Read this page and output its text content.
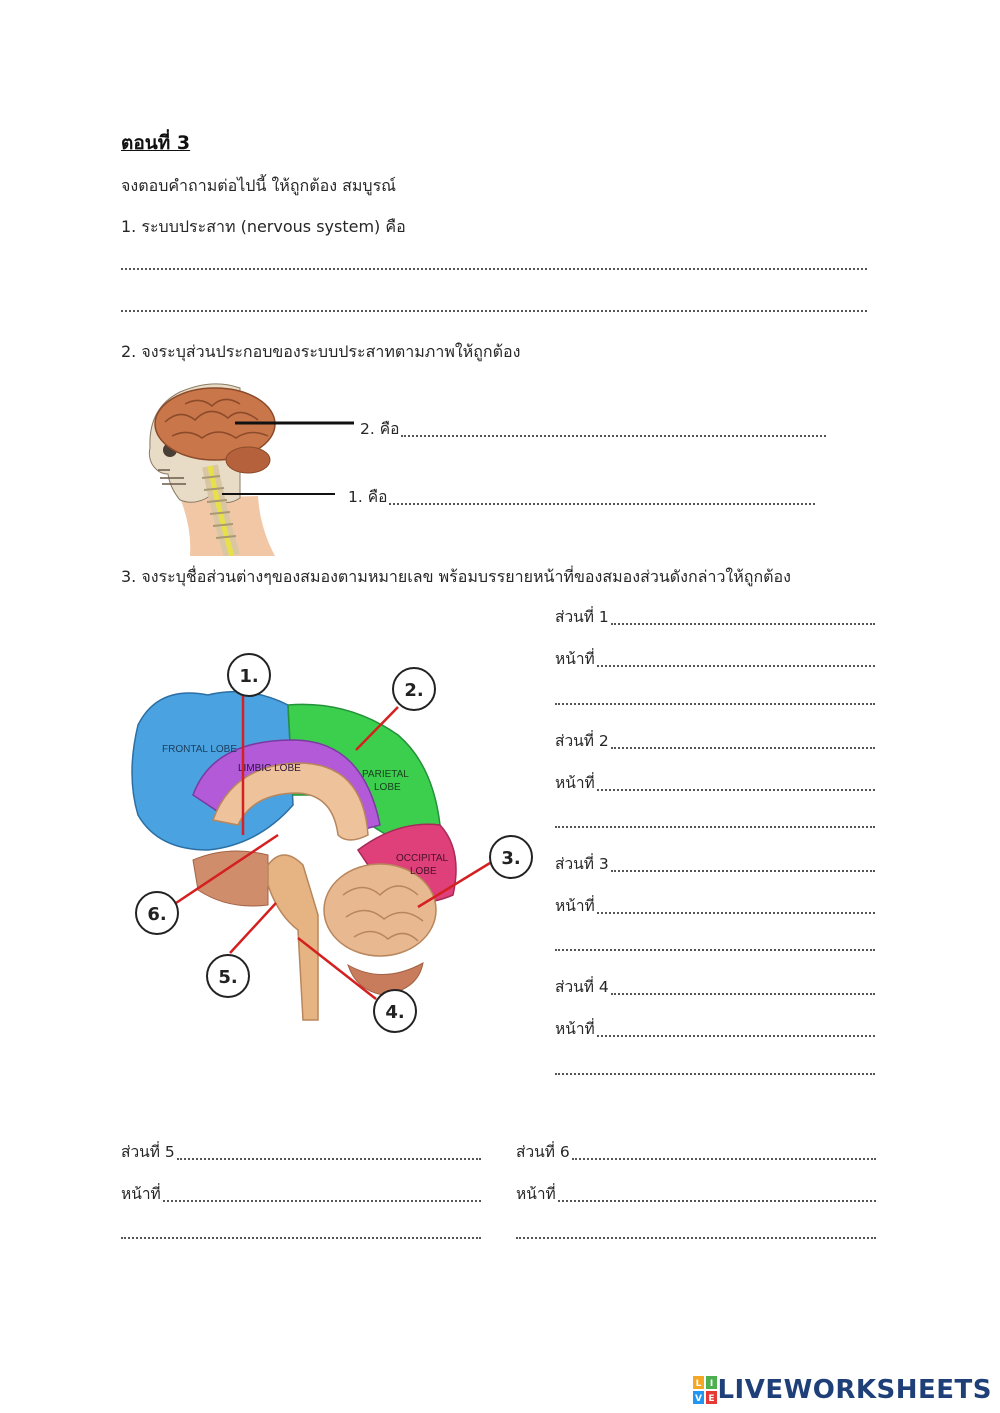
ตอนที่ 3
จงตอบคำถามต่อไปนี้ ให้ถูกต้อง สมบูรณ์
1. ระบบประสาท (nervous system) คือ
2. จงระบุส่วนประกอบของระบบประสาทตามภาพให้ถูกต้อง
2. คือ
1. คือ
3. จงระบุชื่อส่วนต่างๆของสมองตามหมายเลข พร้อมบรรยายหน้าที่ของสมองส่วนดังกล่าวให้ถูกต้อง
FRONTAL LOBE
LIMBIC LOBE
PARIETAL
LOBE
OCCIPITAL
LOBE
1.
2.
3.
4.
5.
6.
ส่วนที่ 1
หน้าที่
ส่วนที่ 2
หน้าที่
ส่วนที่ 3
หน้าที่
ส่วนที่ 4
หน้าที่
ส่วนที่ 5
หน้าที่
ส่วนที่ 6
หน้าที่
L I
V E LIVEWORKSHEETS
